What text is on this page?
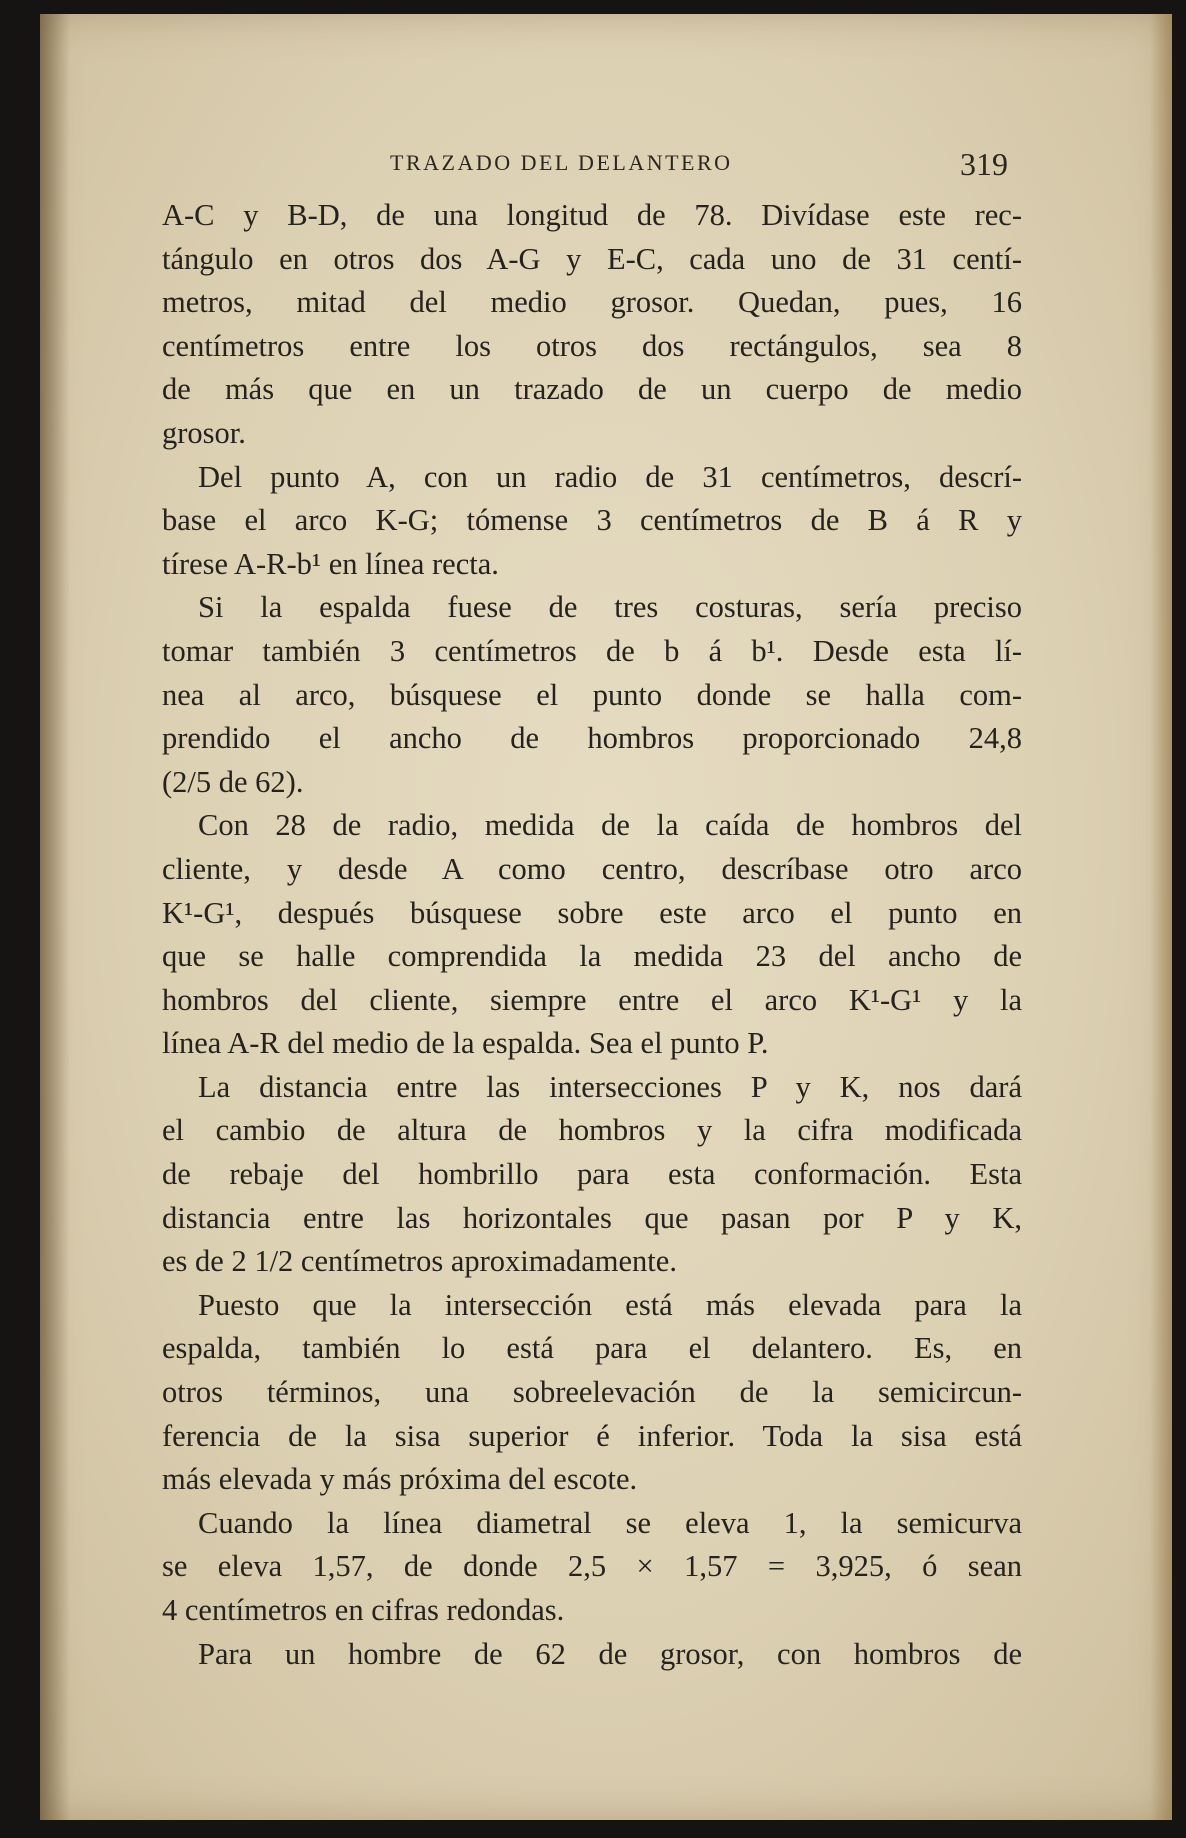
TRAZADO DEL DELANTERO	319
A-C y B-D, de una longitud de 78. Divídase este rec-
tángulo en otros dos A-G y E-C, cada uno de 31 centí-
metros, mitad del medio grosor. Quedan, pues, 16
centímetros entre los otros dos rectángulos, sea 8
de más que en un trazado de un cuerpo de medio
grosor.
Del punto A, con un radio de 31 centímetros, descrí-
base el arco K-G; tómense 3 centímetros de B á R y
tírese A-R-b¹ en línea recta.
Si la espalda fuese de tres costuras, sería preciso
tomar también 3 centímetros de b á b¹. Desde esta lí-
nea al arco, búsquese el punto donde se halla com-
prendido el ancho de hombros proporcionado 24,8
(2/5 de 62).
Con 28 de radio, medida de la caída de hombros del
cliente, y desde A como centro, descríbase otro arco
K¹-G¹, después búsquese sobre este arco el punto en
que se halle comprendida la medida 23 del ancho de
hombros del cliente, siempre entre el arco K¹-G¹ y la
línea A-R del medio de la espalda. Sea el punto P.
La distancia entre las intersecciones P y K, nos dará
el cambio de altura de hombros y la cifra modificada
de rebaje del hombrillo para esta conformación. Esta
distancia entre las horizontales que pasan por P y K,
es de 2 1/2 centímetros aproximadamente.
Puesto que la intersección está más elevada para la
espalda, también lo está para el delantero. Es, en
otros términos, una sobreelevación de la semicircun-
ferencia de la sisa superior é inferior. Toda la sisa está
más elevada y más próxima del escote.
Cuando la línea diametral se eleva 1, la semicurva
se eleva 1,57, de donde 2,5 × 1,57 = 3,925, ó sean
4 centímetros en cifras redondas.
Para un hombre de 62 de grosor, con hombros de
